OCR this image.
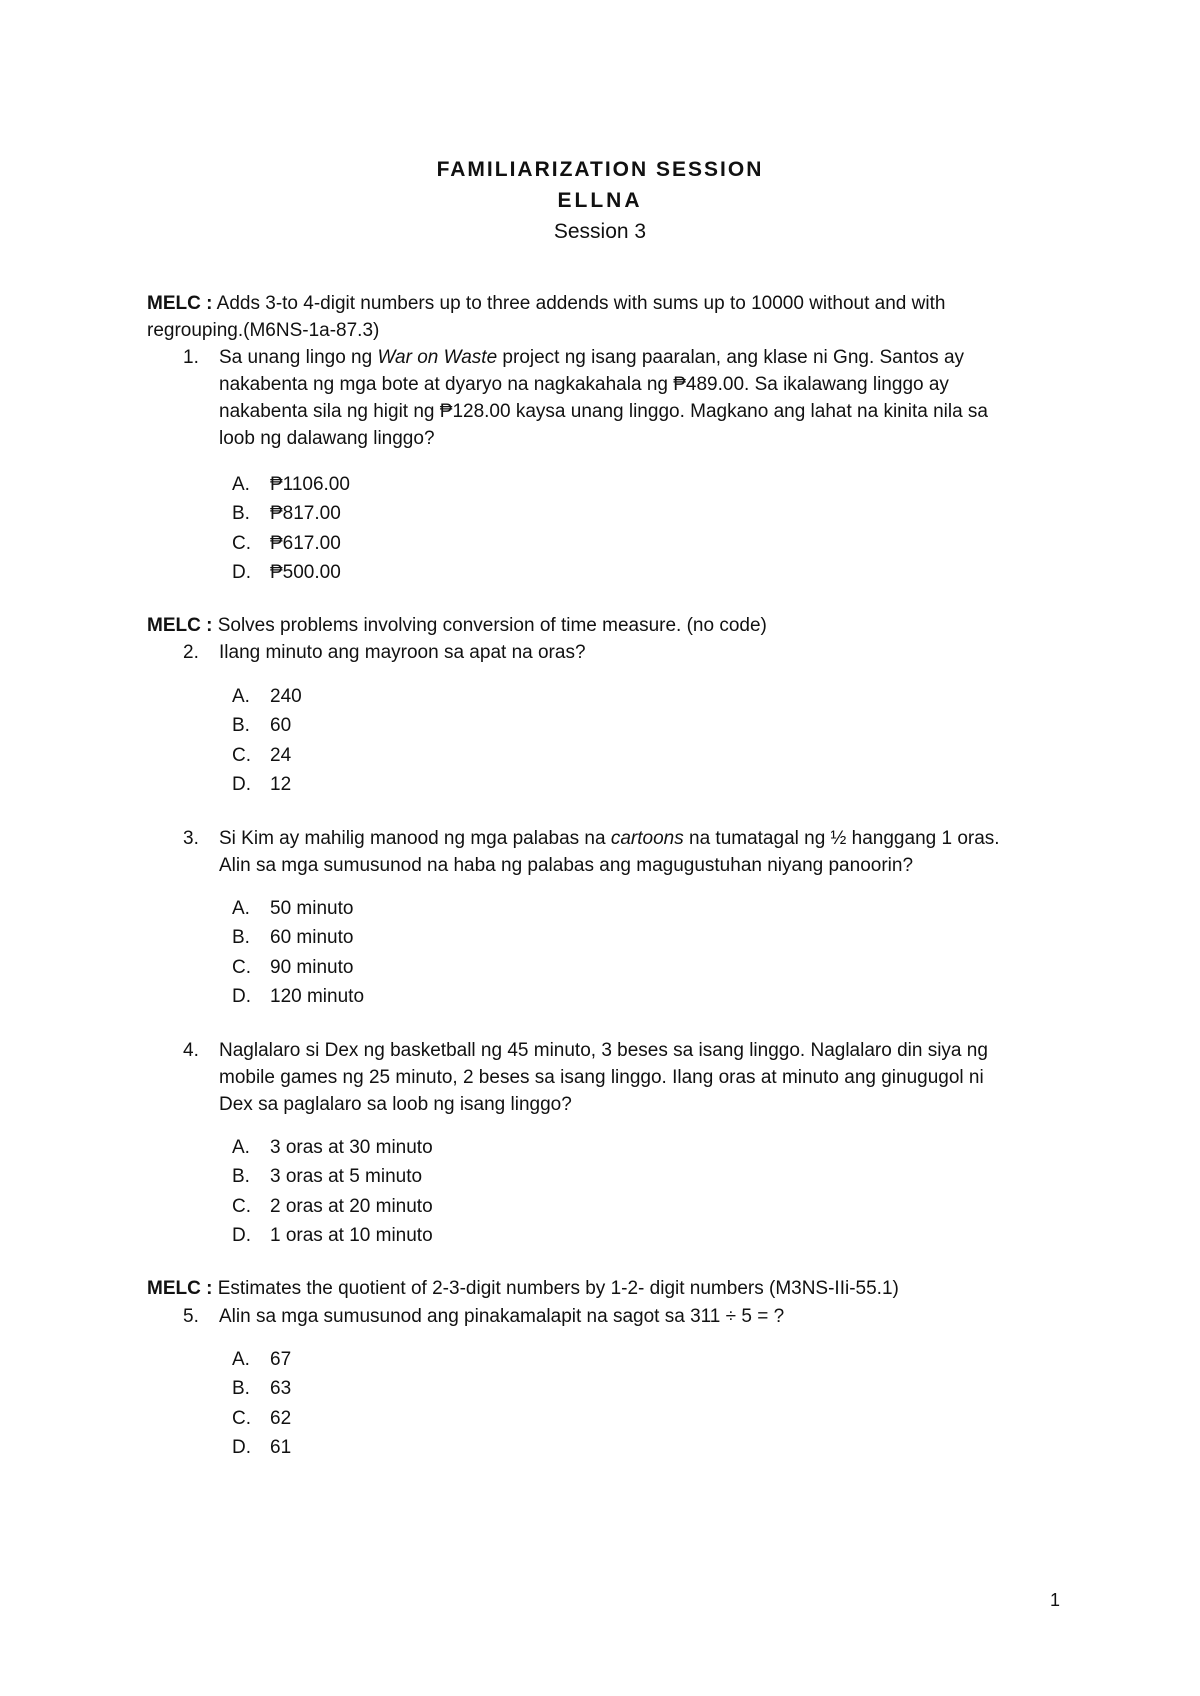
FAMILIARIZATION SESSION
ELLNA
Session 3
MELC : Adds 3-to 4-digit numbers up to three addends with sums up to 10000 without and with
regrouping.(M6NS-1a-87.3)
1.	Sa unang lingo ng War on Waste project ng isang paaralan, ang klase ni Gng. Santos ay
nakabenta ng mga bote at dyaryo na nagkakahala ng ₱489.00. Sa ikalawang linggo ay
nakabenta sila ng higit ng ₱128.00 kaysa unang linggo. Magkano ang lahat na kinita nila sa
loob ng dalawang linggo?
A. ₱1106.00
B. ₱817.00
C. ₱617.00
D. ₱500.00
MELC : Solves problems involving conversion of time measure. (no code)
2.	Ilang minuto ang mayroon sa apat na oras?
A. 240
B. 60
C. 24
D. 12
3.	Si Kim ay mahilig manood ng mga palabas na cartoons na tumatagal ng ½ hanggang 1 oras.
Alin sa mga sumusunod na haba ng palabas ang magugustuhan niyang panoorin?
A. 50 minuto
B. 60 minuto
C. 90 minuto
D. 120 minuto
4.	Naglalaro si Dex ng basketball ng 45 minuto, 3 beses sa isang linggo. Naglalaro din siya ng
mobile games ng 25 minuto, 2 beses sa isang linggo. Ilang oras at minuto ang ginugugol ni
Dex sa paglalaro sa loob ng isang linggo?
A. 3 oras at 30 minuto
B. 3 oras at 5 minuto
C. 2 oras at 20 minuto
D. 1 oras at 10 minuto
MELC : Estimates the quotient of 2-3-digit numbers by 1-2- digit numbers (M3NS-IIi-55.1)
5.	Alin sa mga sumusunod ang pinakamalapit na sagot sa 311 ÷ 5 = ?
A. 67
B. 63
C. 62
D. 61
1
